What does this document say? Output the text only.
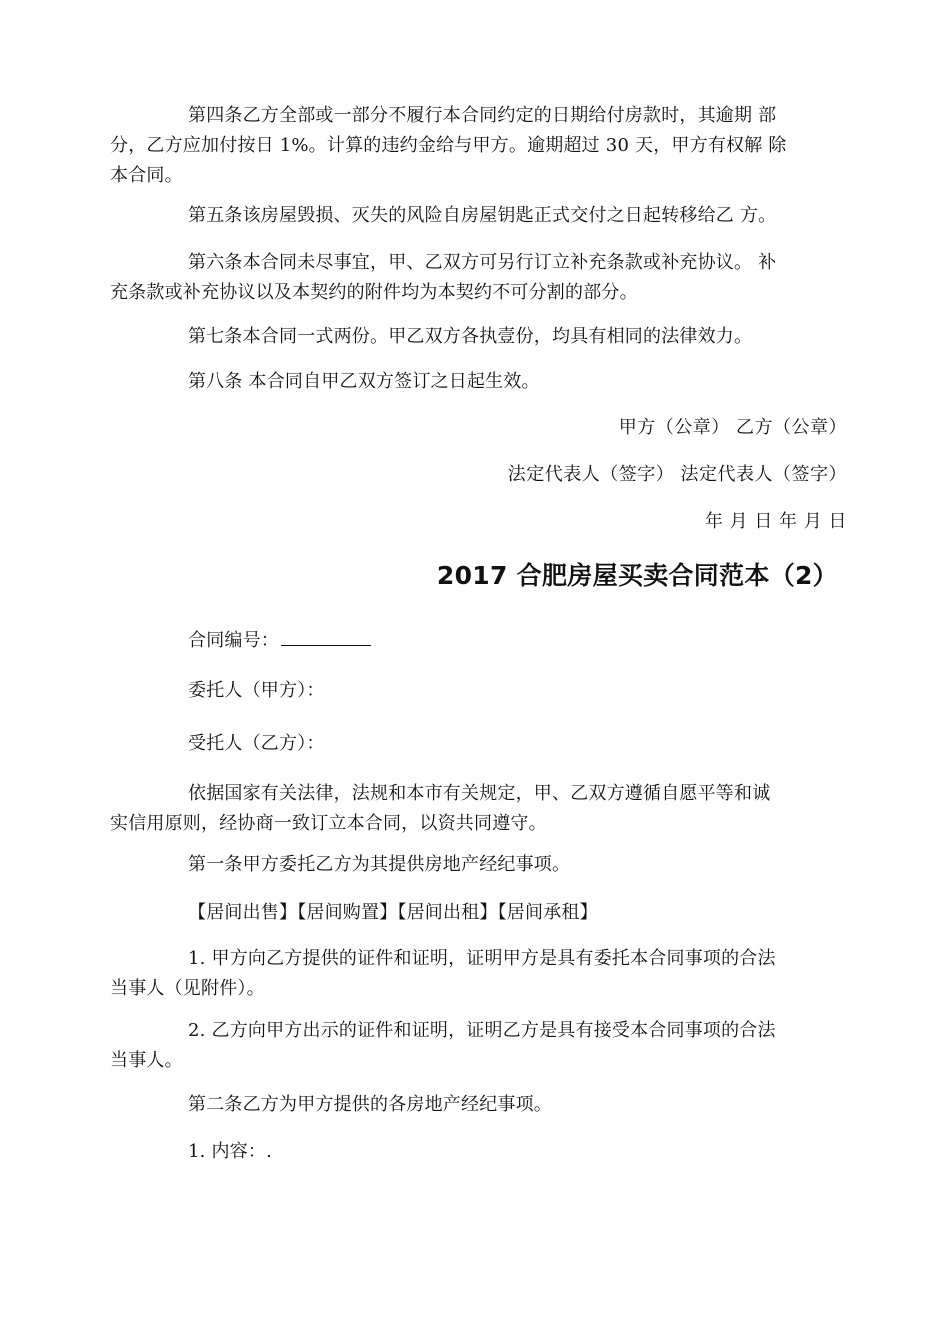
第四条乙方全部或一部分不履行本合同约定的日期给付房款时，其逾期 部
分，乙方应加付按日 1%。计算的违约金给与甲方。逾期超过 30 天，甲方有权解 除
本合同。
第五条该房屋毁损、灭失的风险自房屋钥匙正式交付之日起转移给乙 方。
第六条本合同未尽事宜，甲、乙双方可另行订立补充条款或补充协议。 补
充条款或补充协议以及本契约的附件均为本契约不可分割的部分。
第七条本合同一式两份。甲乙双方各执壹份，均具有相同的法律效力。
第八条 本合同自甲乙双方签订之日起生效。
甲方（公章） 乙方（公章）
法定代表人（签字） 法定代表人（签字）
年 月 日 年 月 日
2017 合肥房屋买卖合同范本（2）
合同编号：
委托人（甲方）：
受托人（乙方）：
依据国家有关法律，法规和本市有关规定，甲、乙双方遵循自愿平等和诚
实信用原则，经协商一致订立本合同，以资共同遵守。
第一条甲方委托乙方为其提供房地产经纪事项。
【居间出售】【居间购置】【居间出租】【居间承租】
1. 甲方向乙方提供的证件和证明，证明甲方是具有委托本合同事项的合法
当事人（见附件）。
2. 乙方向甲方出示的证件和证明，证明乙方是具有接受本合同事项的合法
当事人。
第二条乙方为甲方提供的各房地产经纪事项。
1. 内容：.
